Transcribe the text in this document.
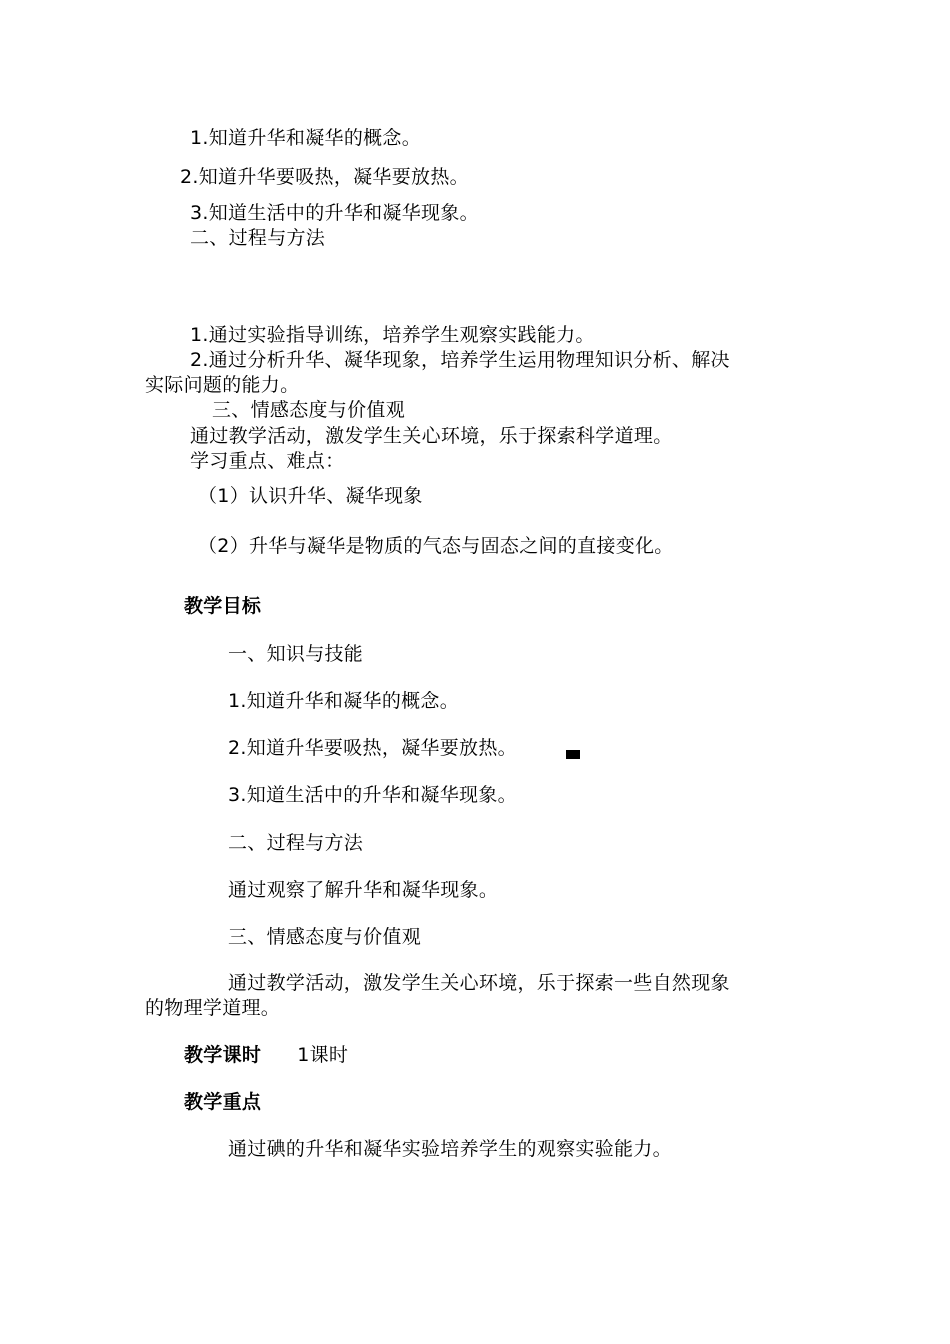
1.知道升华和凝华的概念。
2.知道升华要吸热，凝华要放热。
3.知道生活中的升华和凝华现象。
二、过程与方法
1.通过实验指导训练，培养学生观察实践能力。
2.通过分析升华、凝华现象，培养学生运用物理知识分析、解决
实际问题的能力。
三、情感态度与价值观
通过教学活动，激发学生关心环境，乐于探索科学道理。
学习重点、难点：
（1）认识升华、凝华现象
（2）升华与凝华是物质的气态与固态之间的直接变化。
教学目标
一、知识与技能
1.知道升华和凝华的概念。
2.知道升华要吸热，凝华要放热。
3.知道生活中的升华和凝华现象。
二、过程与方法
通过观察了解升华和凝华现象。
三、情感态度与价值观
通过教学活动，激发学生关心环境，乐于探索一些自然现象
的物理学道理。
教学课时 1课时
教学重点
通过碘的升华和凝华实验培养学生的观察实验能力。
